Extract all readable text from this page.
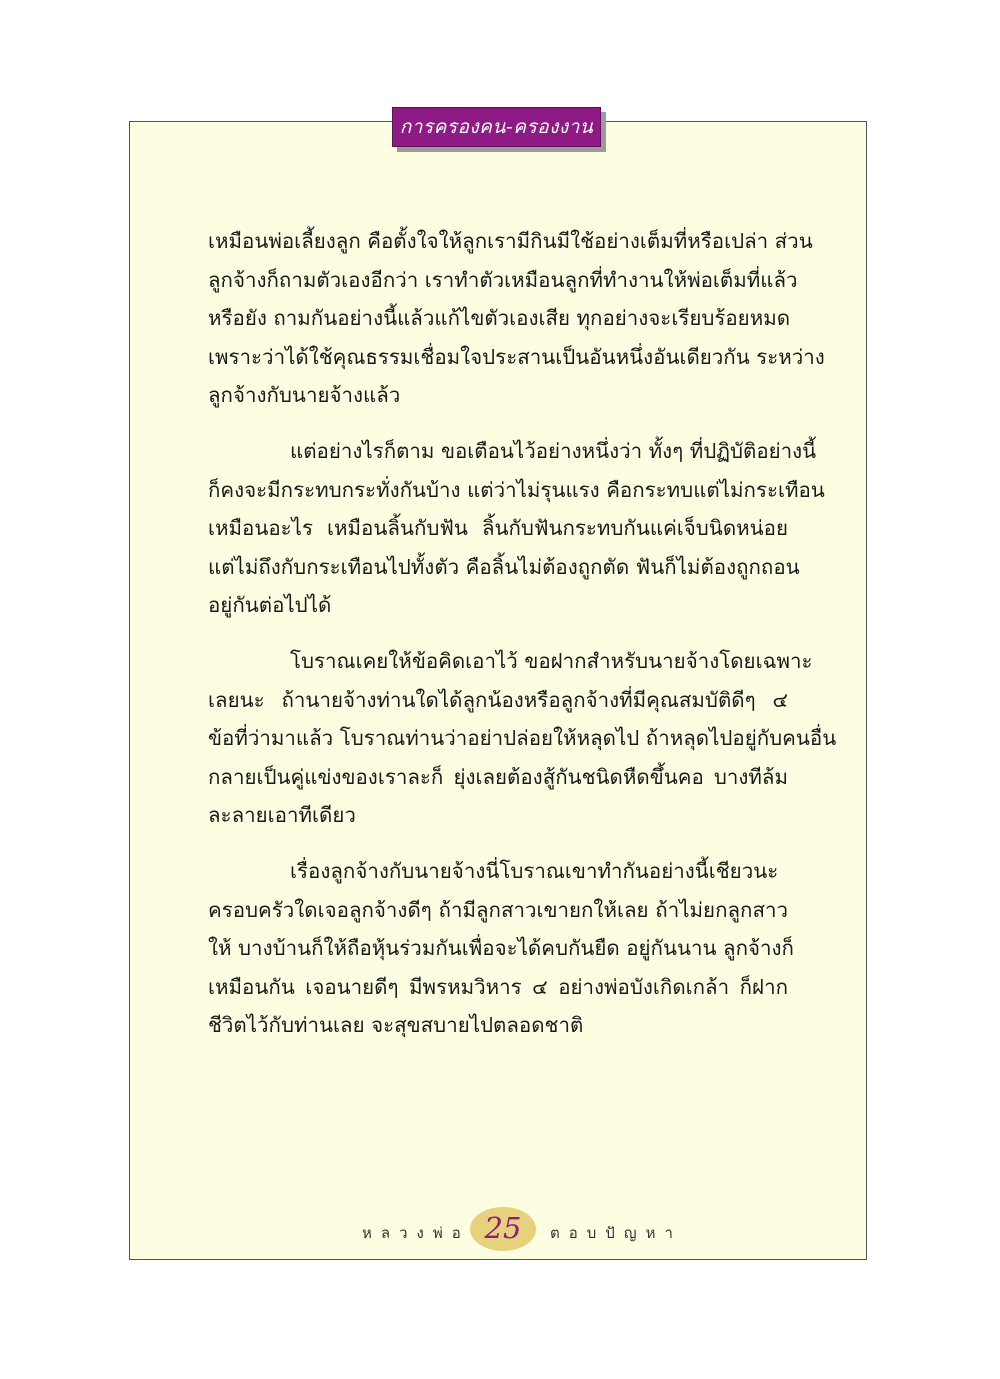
การครองคน-ครองงาน
เหมือนพ่อเลี้ยงลูก คือตั้งใจให้ลูกเรามีกินมีใช้อย่างเต็มที่หรือเปล่า ส่วน
ลูกจ้างก็ถามตัวเองอีกว่า เราทำตัวเหมือนลูกที่ทำงานให้พ่อเต็มที่แล้ว
หรือยัง ถามกันอย่างนี้แล้วแก้ไขตัวเองเสีย ทุกอย่างจะเรียบร้อยหมด
เพราะว่าได้ใช้คุณธรรมเชื่อมใจประสานเป็นอันหนึ่งอันเดียวกัน ระหว่าง
ลูกจ้างกับนายจ้างแล้ว
แต่อย่างไรก็ตาม ขอเตือนไว้อย่างหนึ่งว่า ทั้งๆ ที่ปฏิบัติอย่างนี้
ก็คงจะมีกระทบกระทั่งกันบ้าง แต่ว่าไม่รุนแรง คือกระทบแต่ไม่กระเทือน
เหมือนอะไร เหมือนลิ้นกับฟัน ลิ้นกับฟันกระทบกันแค่เจ็บนิดหน่อย
แต่ไม่ถึงกับกระเทือนไปทั้งตัว คือลิ้นไม่ต้องถูกตัด ฟันก็ไม่ต้องถูกถอน
อยู่กันต่อไปได้
โบราณเคยให้ข้อคิดเอาไว้ ขอฝากสำหรับนายจ้างโดยเฉพาะ
เลยนะ ถ้านายจ้างท่านใดได้ลูกน้องหรือลูกจ้างที่มีคุณสมบัติดีๆ ๔
ข้อที่ว่ามาแล้ว โบราณท่านว่าอย่าปล่อยให้หลุดไป ถ้าหลุดไปอยู่กับคนอื่น
กลายเป็นคู่แข่งของเราละก็ ยุ่งเลยต้องสู้กันชนิดหืดขึ้นคอ บางทีล้ม
ละลายเอาทีเดียว
เรื่องลูกจ้างกับนายจ้างนี่โบราณเขาทำกันอย่างนี้เชียวนะ
ครอบครัวใดเจอลูกจ้างดีๆ ถ้ามีลูกสาวเขายกให้เลย ถ้าไม่ยกลูกสาว
ให้ บางบ้านก็ให้ถือหุ้นร่วมกันเพื่อจะได้คบกันยืด อยู่กันนาน ลูกจ้างก็
เหมือนกัน เจอนายดีๆ มีพรหมวิหาร ๔ อย่างพ่อบังเกิดเกล้า ก็ฝาก
ชีวิตไว้กับท่านเลย จะสุขสบายไปตลอดชาติ
หลวงพ่อ 25	ตอบปัญหา
